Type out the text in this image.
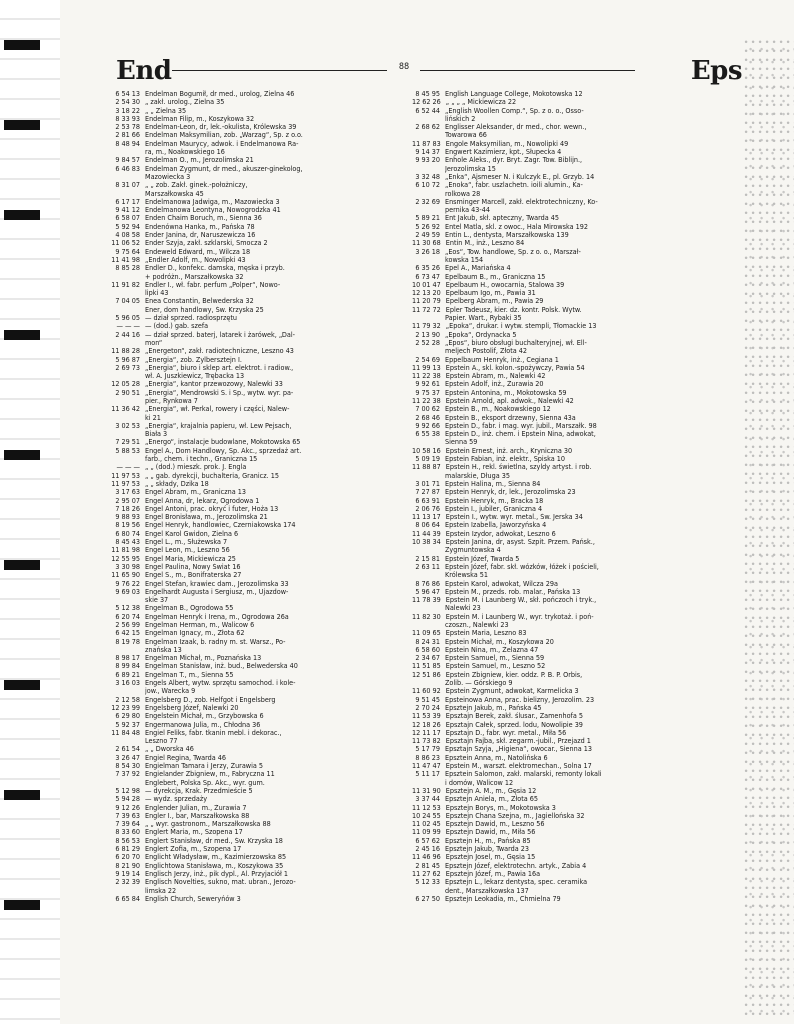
End	88	Eps
6 54 13 Endelman Bogumił, dr med., urolog, Zielna 46
2 54 30 „ zakł. urolog., Zielna 35
3 18 22 „ „ Zielna 35
8 33 93 Endelman Filip, m., Koszykowa 32
2 53 78 Endelman-Leon, dr, lek.-okulista, Królewska 39
2 81 66 Endelman Maksymilian, zob. „Warzag“, Sp. z o.o.
8 48 94 Endelman Maurycy, adwok. i Endelmanowa Ra-
ra, m., Noakowskiego 16
9 84 57 Endelman O., m., Jerozolimska 21
6 46 83 Endelman Zygmunt, dr med., akuszer-ginekolog,
Mazowiecka 3
8 31 07 „ „ zob. Zakł. ginek.-położniczy,
Marszałkowska 45
6 17 17 Endelmanowa Jadwiga, m., Mazowiecka 3
9 41 12 Endelmanowa Leontyna, Nowogrodzka 41
6 58 07 Enden Chaim Boruch, m., Sienna 36
5 92 94 Endenówna Hanka, m., Pańska 78
4 08 58 Ender Janina, dr, Naruszewicza 16
11 06 52 Ender Szyja, zakł. szklarski, Smocza 2
9 75 64 Endeweld Edward, m., Wilcza 18
11 41 98 „Endler Adolf, m., Nowolipki 43
8 85 28 Endler D., konfekc. damska, męska i przyb.
+ podróżn., Marszałkowska 32
11 91 82 Endler I., wł. fabr. perfum „Polper“, Nowo-
lipki 43
7 04 05 Enea Constantin, Belwederska 32
Ener, dom handlowy, Św. Krzyska 25
5 96 05 — dział sprzed. radiosprzętu
— — — — (dod.) gab. szefa
2 44 16 — dział sprzed. baterj, latarek i żarówek, „Dal-
mon“
11 88 28 „Energeton“, zakł. radiotechniczne, Leszno 43
5 96 87 „Energia“, zob. Zylbersztejn I.
2 69 73 „Energia“, biuro i sklep art. elektrot. i radiow.,
wł. A. Juszkiewicz, Trębacka 13
12 05 28 „Energia“, kantor przewozowy, Nalewki 33
2 90 51 „Energia“, Mendrowski S. i Sp., wytw. wyr. pa-
pier., Rynkowa 7
11 36 42 „Energia“, wł. Perkal, rowery i części, Nalew-
ki 21
3 02 53 „Energia“, krajalnia papieru, wł. Lew Pejsach,
Biała 3
7 29 51 „Energo“, instalacje budowlane, Mokotowska 65
5 88 53 Engel A., Dom Handlowy, Sp. Akc., sprzedaż art.
farb., chem. i techn., Graniczna 15
— — — „ „ (dod.) mieszk. prok. J. Engla
11 97 53 „ „ gab. dyrekcji, buchalteria, Granicz. 15
11 97 53 „ „ składy, Dzika 18
3 17 63 Engel Abram, m., Graniczna 13
2 95 07 Engel Anna, dr, lekarz, Ogrodowa 1
7 18 26 Engel Antoni, prac. okryć i futer, Hoża 13
9 88 93 Engel Bronisława, m., Jerozolimska 21
8 19 56 Engel Henryk, handlowiec, Czerniakowska 174
6 80 74 Engel Karol Gwidon, Zielna 6
8 45 43 Engel L., m., Służewska 7
11 81 98 Engel Leon, m., Leszno 56
12 55 95 Engel Maria, Mickiewicza 25
3 30 98 Engel Paulina, Nowy Świat 16
11 65 90 Engel S., m., Bonifraterska 27
9 76 22 Engel Stefan, krawiec dam., Jerozolimska 33
9 69 03 Engelhardt Augusta i Sergiusz, m., Ujazdow-
skie 37
5 12 38 Engelman B., Ogrodowa 55
6 20 74 Engelman Henryk i Irena, m., Ogrodowa 26a
2 56 99 Engelman Herman, m., Walicow 6
6 42 15 Engelman Ignacy, m., Złota 62
8 19 78 Engelman Izaak, b. radny m. st. Warsz., Po-
znańska 13
8 98 17 Engelman Michał, m., Poznańska 13
8 99 84 Engelman Stanisław, inż. bud., Belwederska 40
6 89 21 Engelman T., m., Sienna 55
3 16 03 Engels Albert, wytw. sprzętu samochod. i kole-
jow., Warecka 9
2 12 58 Engelsberg D., zob. Helfgot i Engelsberg
12 23 99 Engelsberg Józef, Nalewki 20
6 29 80 Engelstein Michał, m., Grzybowska 6
5 92 37 Engermanowa Julia, m., Chłodna 36
11 84 48 Engiel Feliks, fabr. tkanin mebl. i dekorac.,
Leszno 77
2 61 54 „ „ Dworska 46
3 26 47 Engiel Regina, Twarda 46
8 54 30 Engielman Tamara i Jerzy, Żurawia 5
7 37 92 Engielander Zbigniew, m., Fabryczna 11
Englebert, Polska Sp. Akc., wyr. gum.
5 12 98 — dyrekcja, Krak. Przedmieście 5
5 94 28 — wydz. sprzedaży
9 12 26 Englender Julian, m., Żurawia 7
7 39 63 Engler I., bar, Marszałkowska 88
7 39 64 „ „ wyr. gastronom., Marszałkowska 88
8 33 60 Englert Maria, m., Szopena 17
8 56 53 Englert Stanisław, dr med., Św. Krzyska 18
6 81 29 Englert Zofia, m., Szopena 17
6 20 70 Englicht Władysław, m., Kazimierzowska 85
8 21 90 Englichtowa Stanisława, m., Koszykowa 35
9 19 14 Englisch Jerzy, inż., pik dypl., Al. Przyjaciół 1
2 32 39 Englisch Novelties, sukno, mat. ubran., Jerozo-
limska 22
6 65 84 English Church, Seweryńów 3
8 45 95 English Language College, Mokotowska 12
12 62 26 „ „ „ „ Mickiewicza 22
6 52 44 „English Woollen Comp.“, Sp. z o. o., Osso-
lińskich 2
2 68 62 Englisser Aleksander, dr med., chor. wewn.,
Towarowa 66
11 87 83 Engole Maksymilian, m., Nowolipki 49
9 14 37 Engwert Kazimierz, kpt., Słupecka 4
9 93 20 Enhole Aleks., dyr. Bryt. Zagr. Tow. Biblijn.,
Jerozolimska 15
3 32 48 „Enka“, Ajsmeser N. i Kulczyk E., pl. Grzyb. 14
6 10 72 „Enoka“, fabr. uszlachetn. ioili alumin., Ka-
rolkowa 28
2 32 69 Ensminger Marcell, zakł. elektrotechniczny, Ko-
pernika 43-44
5 89 21 Ent Jakub, skł. apteczny, Twarda 45
5 26 92 Entel Matla, skl. z owoc., Hala Mirowska 192
2 49 59 Entin L., dentysta, Marszałkowska 139
11 30 68 Entin M., inż., Leszno 84
3 26 18 „Eos“, Tow. handlowe, Sp. z o. o., Marszał-
kowska 154
6 35 26 Epel A., Mariańska 4
6 73 47 Epelbaum B., m., Graniczna 15
10 01 47 Epelbaum H., owocarnia, Stalowa 39
12 13 20 Epelbaum Igo, m., Pawia 31
11 20 79 Epelberg Abram, m., Pawia 29
11 72 72 Epler Tadeusz, kier. dz. kontr. Polsk. Wytw.
Papier. Wart., Rybaki 35
11 79 32 „Epoka“, drukar. i wytw. stempli, Tłomackie 13
2 13 90 „Epoka“, Ordynacka 5
2 52 28 „Epos“, biuro obsługi buchalteryjnej, wł. Ell-
meljech Postolif, Złota 42
2 54 69 Eppelbaum Henryk, inż., Cegiana 1
11 99 13 Epstein A., skl. kolon.-spożywczy, Pawia 54
11 22 38 Epstein Abram, m., Nalewki 42
9 92 61 Epstein Adolf, inż., Żurawia 20
9 75 37 Epstein Antonina, m., Mokotowska 59
11 22 38 Epstein Arnold, apl. adwok., Nalewki 42
7 00 62 Epstein B., m., Noakowskiego 12
2 68 46 Epstein B., eksport drzewny, Sienna 43a
9 92 66 Epstein D., fabr. i mag. wyr. jubil., Marszałk. 98
6 55 38 Epstein D., inż. chem. i Epstein Nina, adwokat,
Sienna 59
10 58 16 Epstein Ernest, inż. arch., Kryniczna 30
5 09 19 Epstein Fabian, inż. elektr., Spiska 10
11 88 87 Epstein H., rekl. świetlna, szyldy artyst. i rob.
malarskie, Długa 35
3 01 71 Epstein Halina, m., Sienna 84
7 27 87 Epstein Henryk, dr, lek., Jerozolimska 23
6 63 91 Epstein Henryk, m., Bracka 18
2 06 76 Epstein I., jubiler, Graniczna 4
11 13 17 Epstein I., wytw. wyr. metal., Św. Jerska 34
8 06 64 Epstein Izabella, Jaworzyńska 4
11 44 39 Epstein Izydor, adwokat, Leszno 6
10 38 34 Epstein Janina, dr, asyst. Szpit. Przem. Pańsk.,
Zygmuntowska 4
2 15 81 Epstein Józef, Twarda 5
2 63 11 Epstein Józef, fabr. skł. wózków, łóżek i pościeli,
Królewska 51
8 76 86 Epstein Karol, adwokat, Wilcza 29a
5 96 47 Epstein M., przeds. rob. malar., Pańska 13
11 78 39 Epstein M. i Launberg W., skł. pończoch i tryk.,
Nalewki 23
11 82 30 Epstein M. i Launberg W., wyr. trykotaż. i poń-
czoszn., Nalewki 23
11 09 65 Epstein Maria, Leszno 83
8 24 31 Epstein Michał, m., Koszykowa 20
6 58 60 Epstein Nina, m., Żelazna 47
2 34 67 Epstein Samuel, m., Sienna 59
11 51 85 Epstein Samuel, m., Leszno 52
12 51 86 Epstein Zbigniew, kier. oddz. P. B. P. Orbis,
Żolib. — Górskiego 9
11 60 92 Epstein Zygmunt, adwokat, Karmelicka 3
9 51 45 Epsteinowa Anna, prac. bielizny, Jerozolim. 23
2 70 24 Epsztejn Jakub, m., Pańska 45
11 53 39 Epsztajn Berek, zakł. ślusar., Zamenhofa 5
12 18 26 Epsztajn Całek, sprzed. lodu, Nowolipie 39
12 11 17 Epsztajn D., fabr. wyr. metal., Miła 56
11 73 82 Epsztajn Fajba, skł. zegarm.-jubil., Przejazd 1
5 17 79 Epsztajn Szyja, „Higiena“, owocar., Sienna 13
8 86 23 Epsztein Anna, m., Natolińska 6
11 47 47 Epstein M., warszt. elektromechan., Solna 17
5 11 17 Epsztein Salomon, zakł. malarski, remonty lokali
i domów, Walicow 12
11 31 90 Epsztejn A. M., m., Gęsia 12
3 37 44 Epsztejn Aniela, m., Złota 65
11 12 53 Epsztejn Borys, m., Mokotowska 3
10 24 55 Epsztejn Chana Szejna, m., Jagiellońska 32
11 02 45 Epsztejn Dawid, m., Leszno 56
11 09 99 Epsztejn Dawid, m., Miła 56
6 57 62 Epsztejn H., m., Pańska 85
2 45 16 Epsztejn Jakub, Twarda 23
11 46 96 Epsztejn Josel, m., Gęsia 15
2 81 45 Epsztejn Józef, elektrotechn. artyk., Żabia 4
11 27 62 Epsztejn Józef, m., Pawia 16a
5 12 33 Epsztejn L., lekarz dentysta, spec. ceramika
dent., Marszałkowska 137
6 27 50 Epsztejn Leokadia, m., Chmielna 79
